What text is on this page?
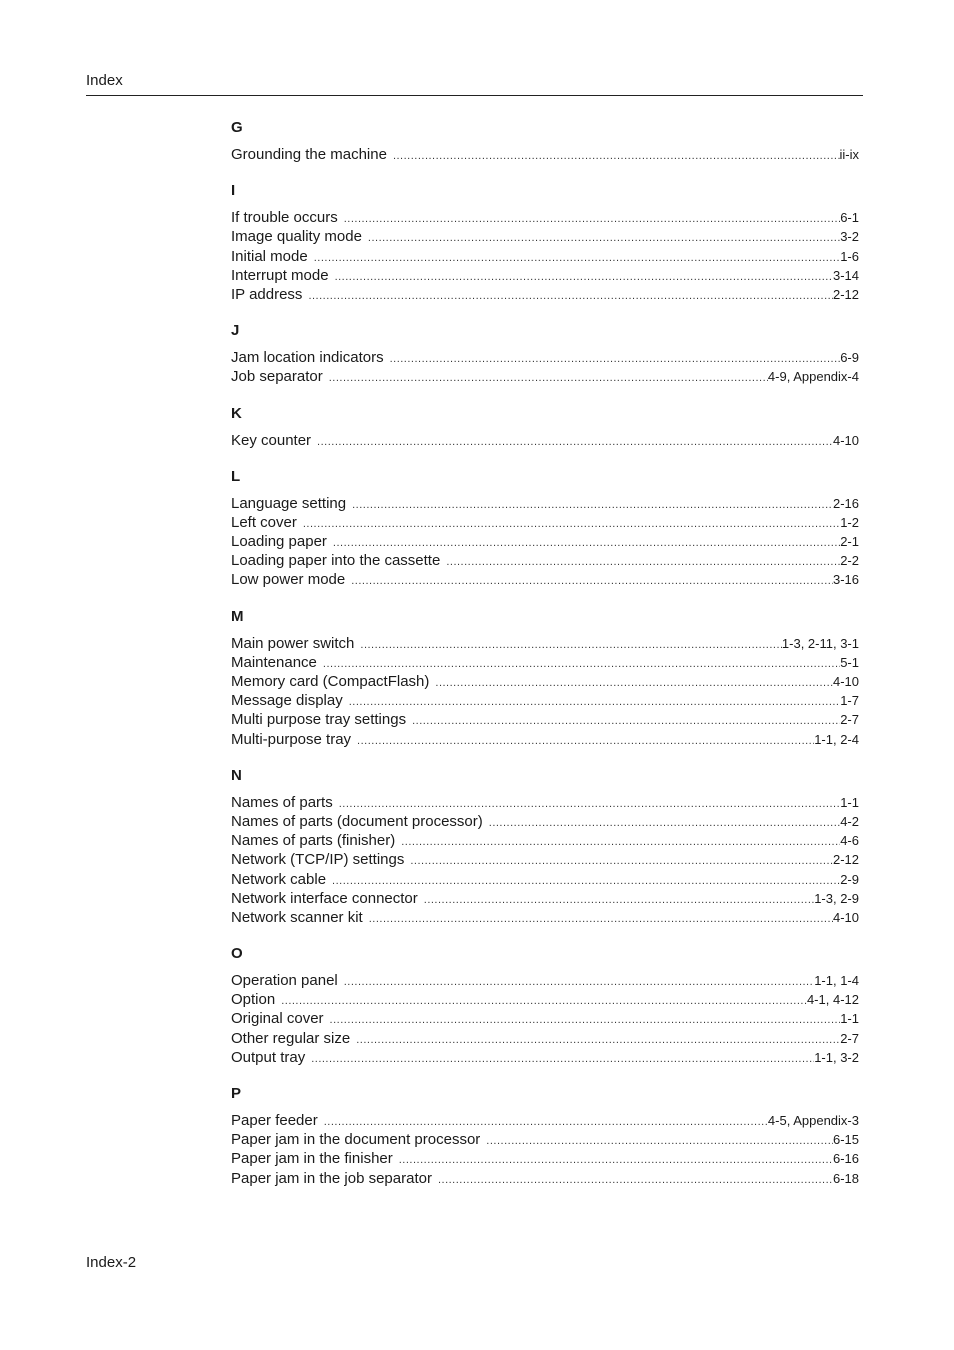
Index
G
Grounding the machine .....	ii-ix
I
If trouble occurs .....	6-1
Image quality mode .....	3-2
Initial mode .....	1-6
Interrupt mode .....	3-14
IP address .....	2-12
J
Jam location indicators .....	6-9
Job separator .....	4-9, Appendix-4
K
Key counter .....	4-10
L
Language setting .....	2-16
Left cover .....	1-2
Loading paper .....	2-1
Loading paper into the cassette .....	2-2
Low power mode .....	3-16
M
Main power switch .....	1-3, 2-11, 3-1
Maintenance .....	5-1
Memory card (CompactFlash) .....	4-10
Message display .....	1-7
Multi purpose tray settings .....	2-7
Multi-purpose tray .....	1-1, 2-4
N
Names of parts .....	1-1
Names of parts (document processor) .....	4-2
Names of parts (finisher) .....	4-6
Network (TCP/IP) settings .....	2-12
Network cable .....	2-9
Network interface connector .....	1-3, 2-9
Network scanner kit .....	4-10
O
Operation panel .....	1-1, 1-4
Option .....	4-1, 4-12
Original cover .....	1-1
Other regular size .....	2-7
Output tray .....	1-1, 3-2
P
Paper feeder .....	4-5, Appendix-3
Paper jam in the document processor .....	6-15
Paper jam in the finisher .....	6-16
Paper jam in the job separator .....	6-18
Index-2
